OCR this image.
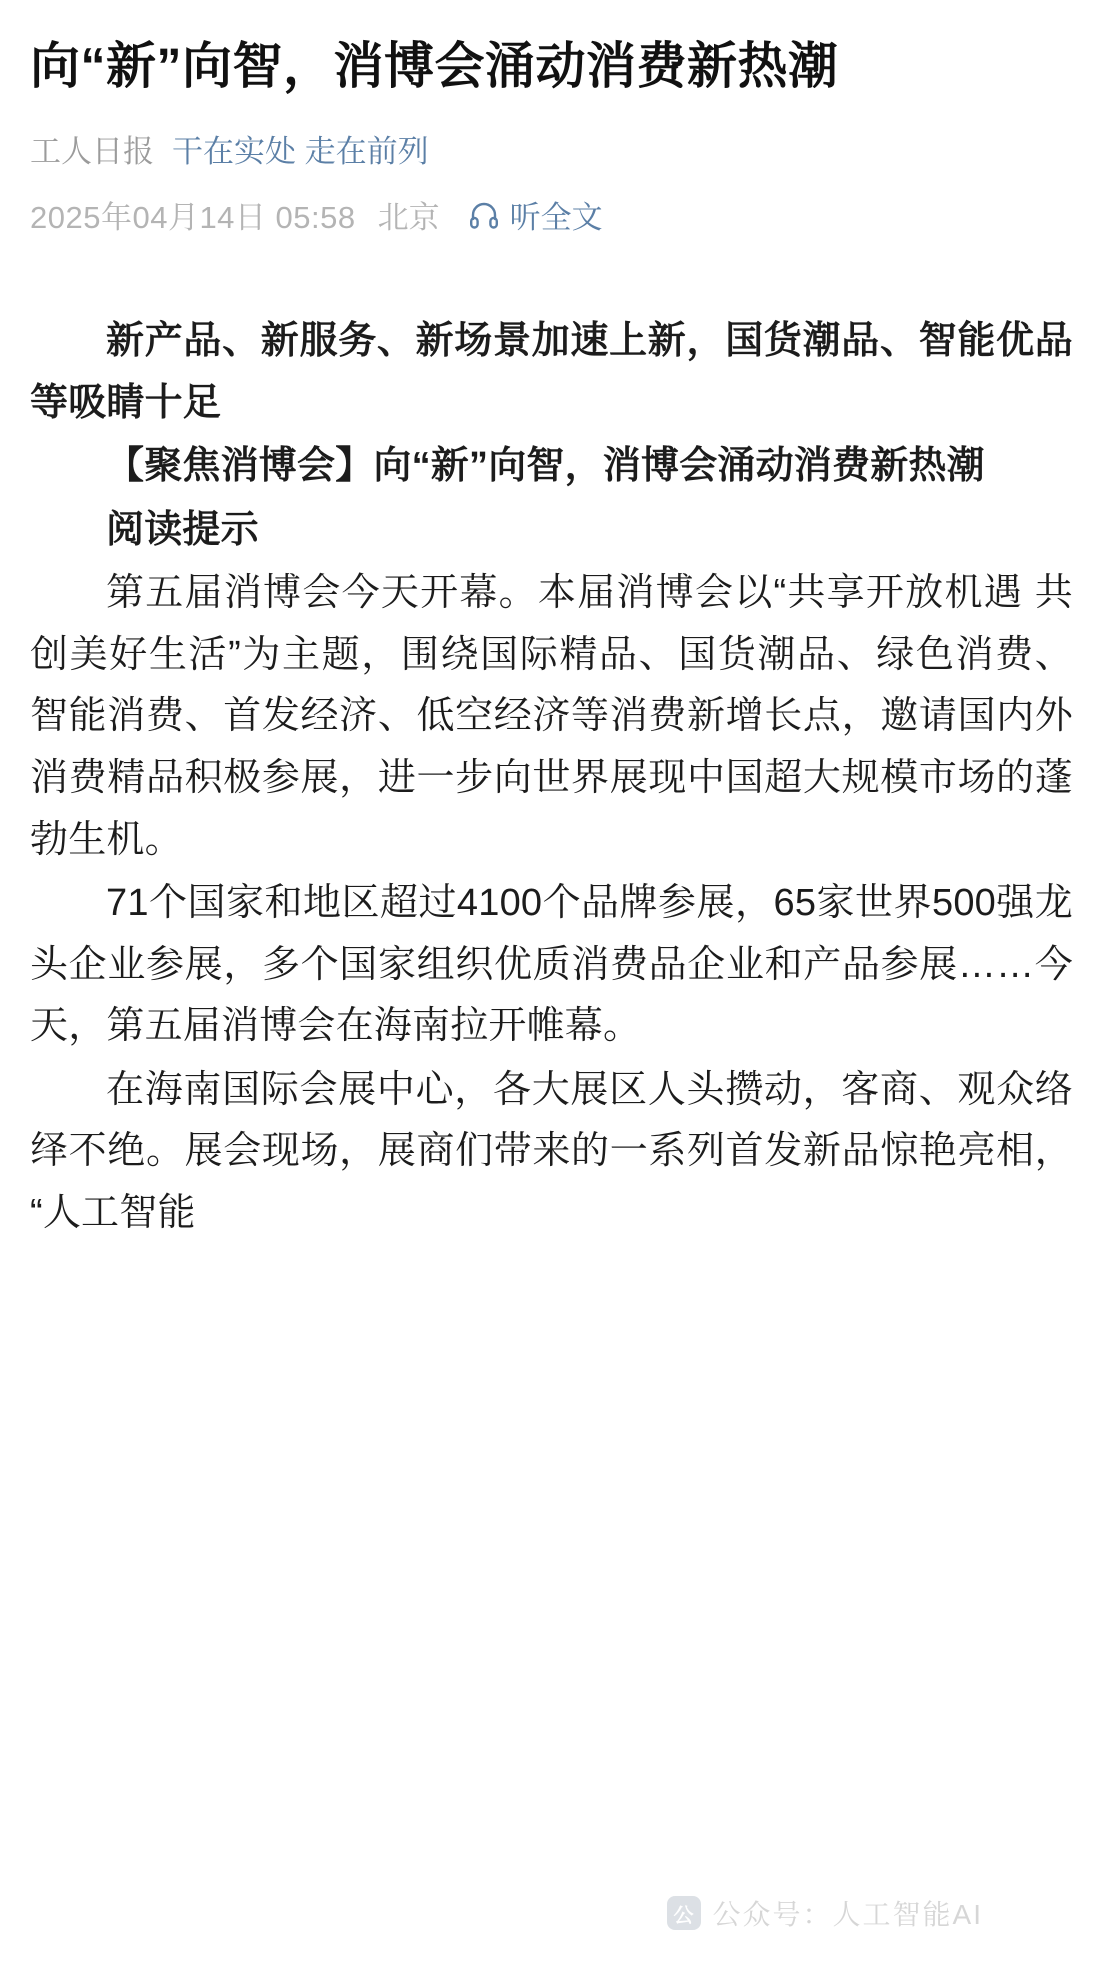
向“新”向智，消博会涌动消费新热潮
工人日报 干在实处 走在前列
2025年04月14日 05:58 北京 听全文

新产品、新服务、新场景加速上新，国货潮品、智能优品等吸睛十足

【聚焦消博会】向“新”向智，消博会涌动消费新热潮

阅读提示

第五届消博会今天开幕。本届消博会以“共享开放机遇 共创美好生活”为主题，围绕国际精品、国货潮品、绿色消费、智能消费、首发经济、低空经济等消费新增长点，邀请国内外消费精品积极参展，进一步向世界展现中国超大规模市场的蓬勃生机。

71个国家和地区超过4100个品牌参展，65家世界500强龙头企业参展，多个国家组织优质消费品企业和产品参展……今天，第五届消博会在海南拉开帷幕。

在海南国际会展中心，各大展区人头攒动，客商、观众络绎不绝。展会现场，展商们带来的一系列首发新品惊艳亮相，“人工智能

公 公众号：人工智能AI
